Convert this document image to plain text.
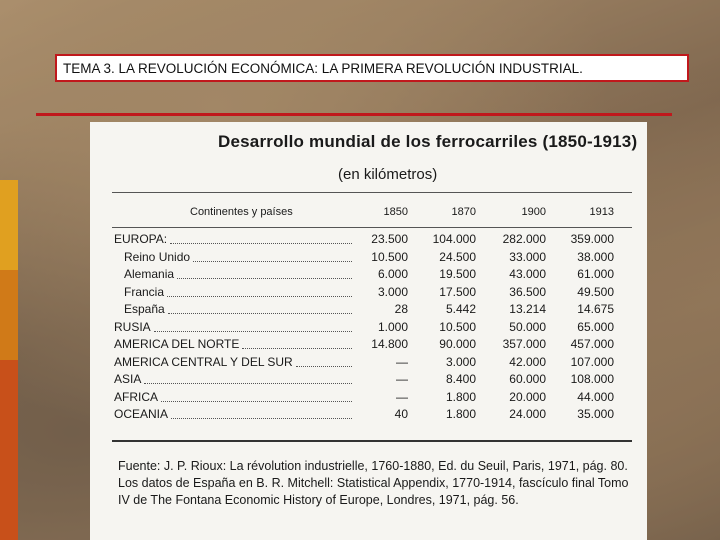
TEMA 3. LA REVOLUCIÓN ECONÓMICA: LA PRIMERA REVOLUCIÓN INDUSTRIAL.
Desarrollo mundial de los ferrocarriles (1850-1913)
(en kilómetros)
Continentes y países	1850	1870	1900	1913
EUROPA:	23.500	104.000	282.000	359.000
Reino Unido	10.500	24.500	33.000	38.000
Alemania	6.000	19.500	43.000	61.000
Francia	3.000	17.500	36.500	49.500
España	28	5.442	13.214	14.675
RUSIA	1.000	10.500	50.000	65.000
AMERICA DEL NORTE	14.800	90.000	357.000	457.000
AMERICA CENTRAL Y DEL SUR	—	3.000	42.000	107.000
ASIA	—	8.400	60.000	108.000
AFRICA	—	1.800	20.000	44.000
OCEANIA	40	1.800	24.000	35.000
Fuente: J. P. Rioux: La révolution industrielle, 1760-1880, Ed. du Seuil, Paris, 1971, pág. 80. Los datos de España en B. R. Mitchell: Statistical Appendix, 1770-1914, fascículo final Tomo IV de The Fontana Economic History of Europe, Londres, 1971, pág. 56.
